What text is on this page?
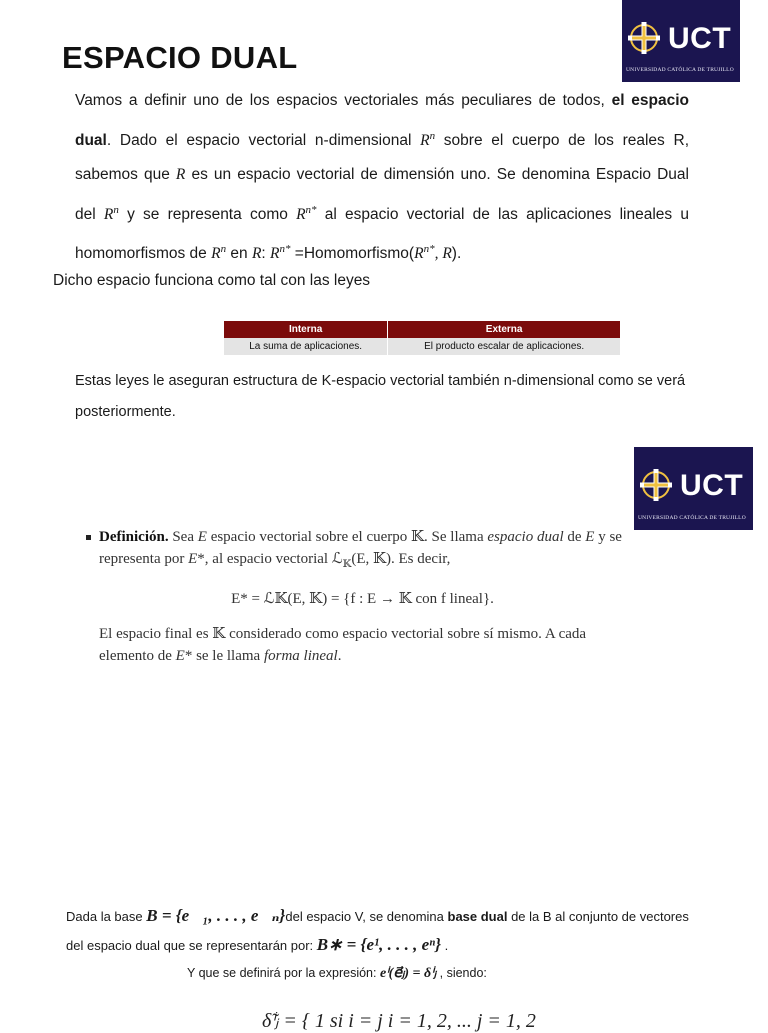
UCT
UNIVERSIDAD CATÓLICA DE TRUJILLO
UCT
UNIVERSIDAD CATÓLICA DE TRUJILLO
ESPACIO DUAL
Vamos a definir uno de los espacios vectoriales más peculiares de todos, el espacio dual. Dado el espacio vectorial n-dimensional $R^n$ sobre el cuerpo de los reales R, sabemos que R es un espacio vectorial de dimensión uno. Se denomina Espacio Dual del $R^n$ y se representa como $R^{n*}$ al espacio vectorial de las aplicaciones lineales u homomorfismos de $R^n$ en R: $R^{n*}$ $=Homomorfismo(R^{n*}$, R).
Dicho espacio funciona como tal con las leyes
Interna	Externa
La suma de aplicaciones.	El producto escalar de aplicaciones.
Estas leyes le aseguran estructura de K-espacio vectorial también n-dimensional como se verá posteriormente.
Definición. Sea E espacio vectorial sobre el cuerpo 𝕂. Se llama espacio dual de E y se representa por E*, al espacio vectorial ℒ$_𝕂$(E, 𝕂). Es decir,
E* = ℒ𝕂(E, 𝕂) = {f : E → 𝕂 con f lineal}.
El espacio final es 𝕂 considerado como espacio vectorial sobre sí mismo. A cada elemento de E* se le llama forma lineal.
Dada la base B = {e⃗₁, . . . , e⃗ₙ}del espacio V, se denomina base dual de la B al conjunto de vectores del espacio dual que se representarán por: B∗ = {e¹, . . . , eⁿ} .
Y que se definirá por la expresión: eⁱ(e⃗ⱼ) = δⁱⱼ , siendo:
δ̃ⁱⱼ = { 1 si i = j i = 1, 2, ... j = 1, 2
